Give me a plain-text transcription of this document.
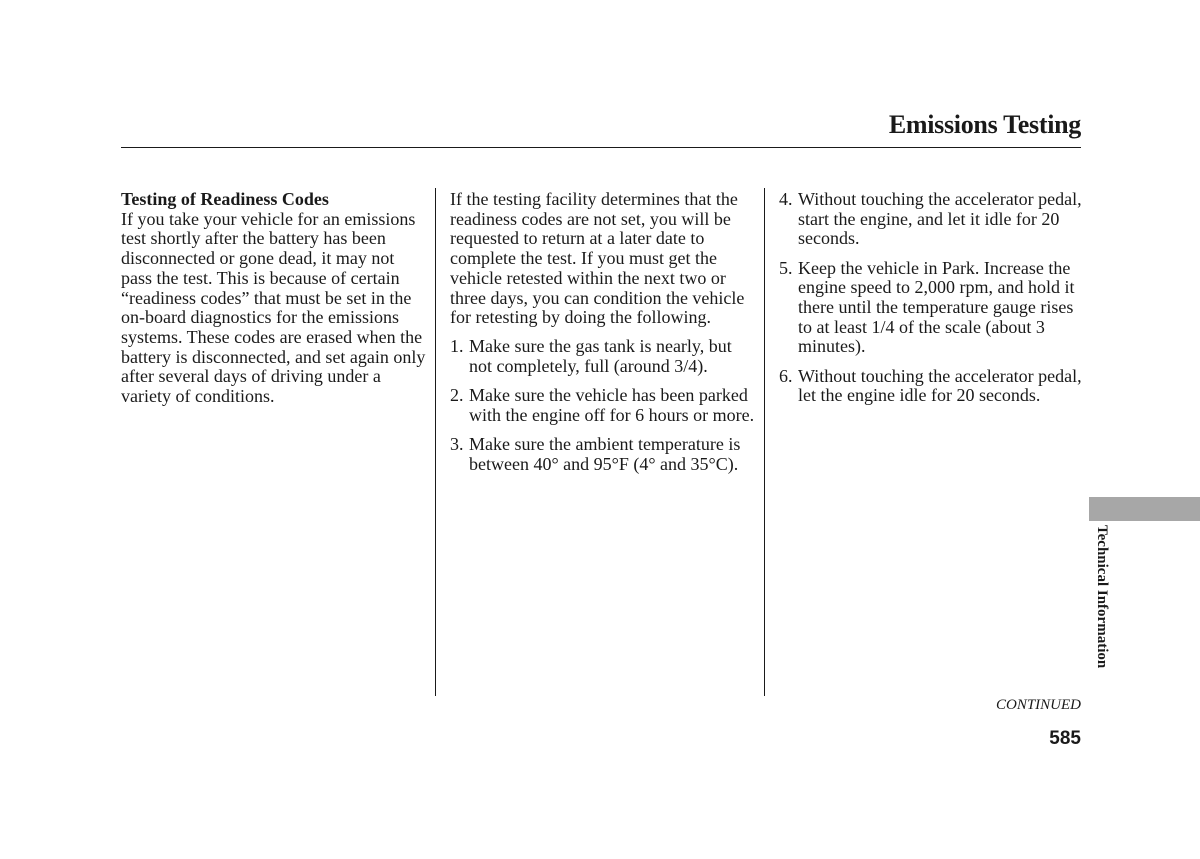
Emissions Testing
Testing of Readiness Codes

If you take your vehicle for an emissions test shortly after the battery has been disconnected or gone dead, it may not pass the test. This is because of certain “readiness codes” that must be set in the on-board diagnostics for the emissions systems. These codes are erased when the battery is disconnected, and set again only after several days of driving under a variety of conditions.

If the testing facility determines that the readiness codes are not set, you will be requested to return at a later date to complete the test. If you must get the vehicle retested within the next two or three days, you can condition the vehicle for retesting by doing the following.

1. Make sure the gas tank is nearly, but not completely, full (around 3/4).
2. Make sure the vehicle has been parked with the engine off for 6 hours or more.
3. Make sure the ambient temperature is between 40° and 95°F (4° and 35°C).
4. Without touching the accelerator pedal, start the engine, and let it idle for 20 seconds.
5. Keep the vehicle in Park. Increase the engine speed to 2,000 rpm, and hold it there until the temperature gauge rises to at least 1/4 of the scale (about 3 minutes).
6. Without touching the accelerator pedal, let the engine idle for 20 seconds.
Technical Information
CONTINUED
585
